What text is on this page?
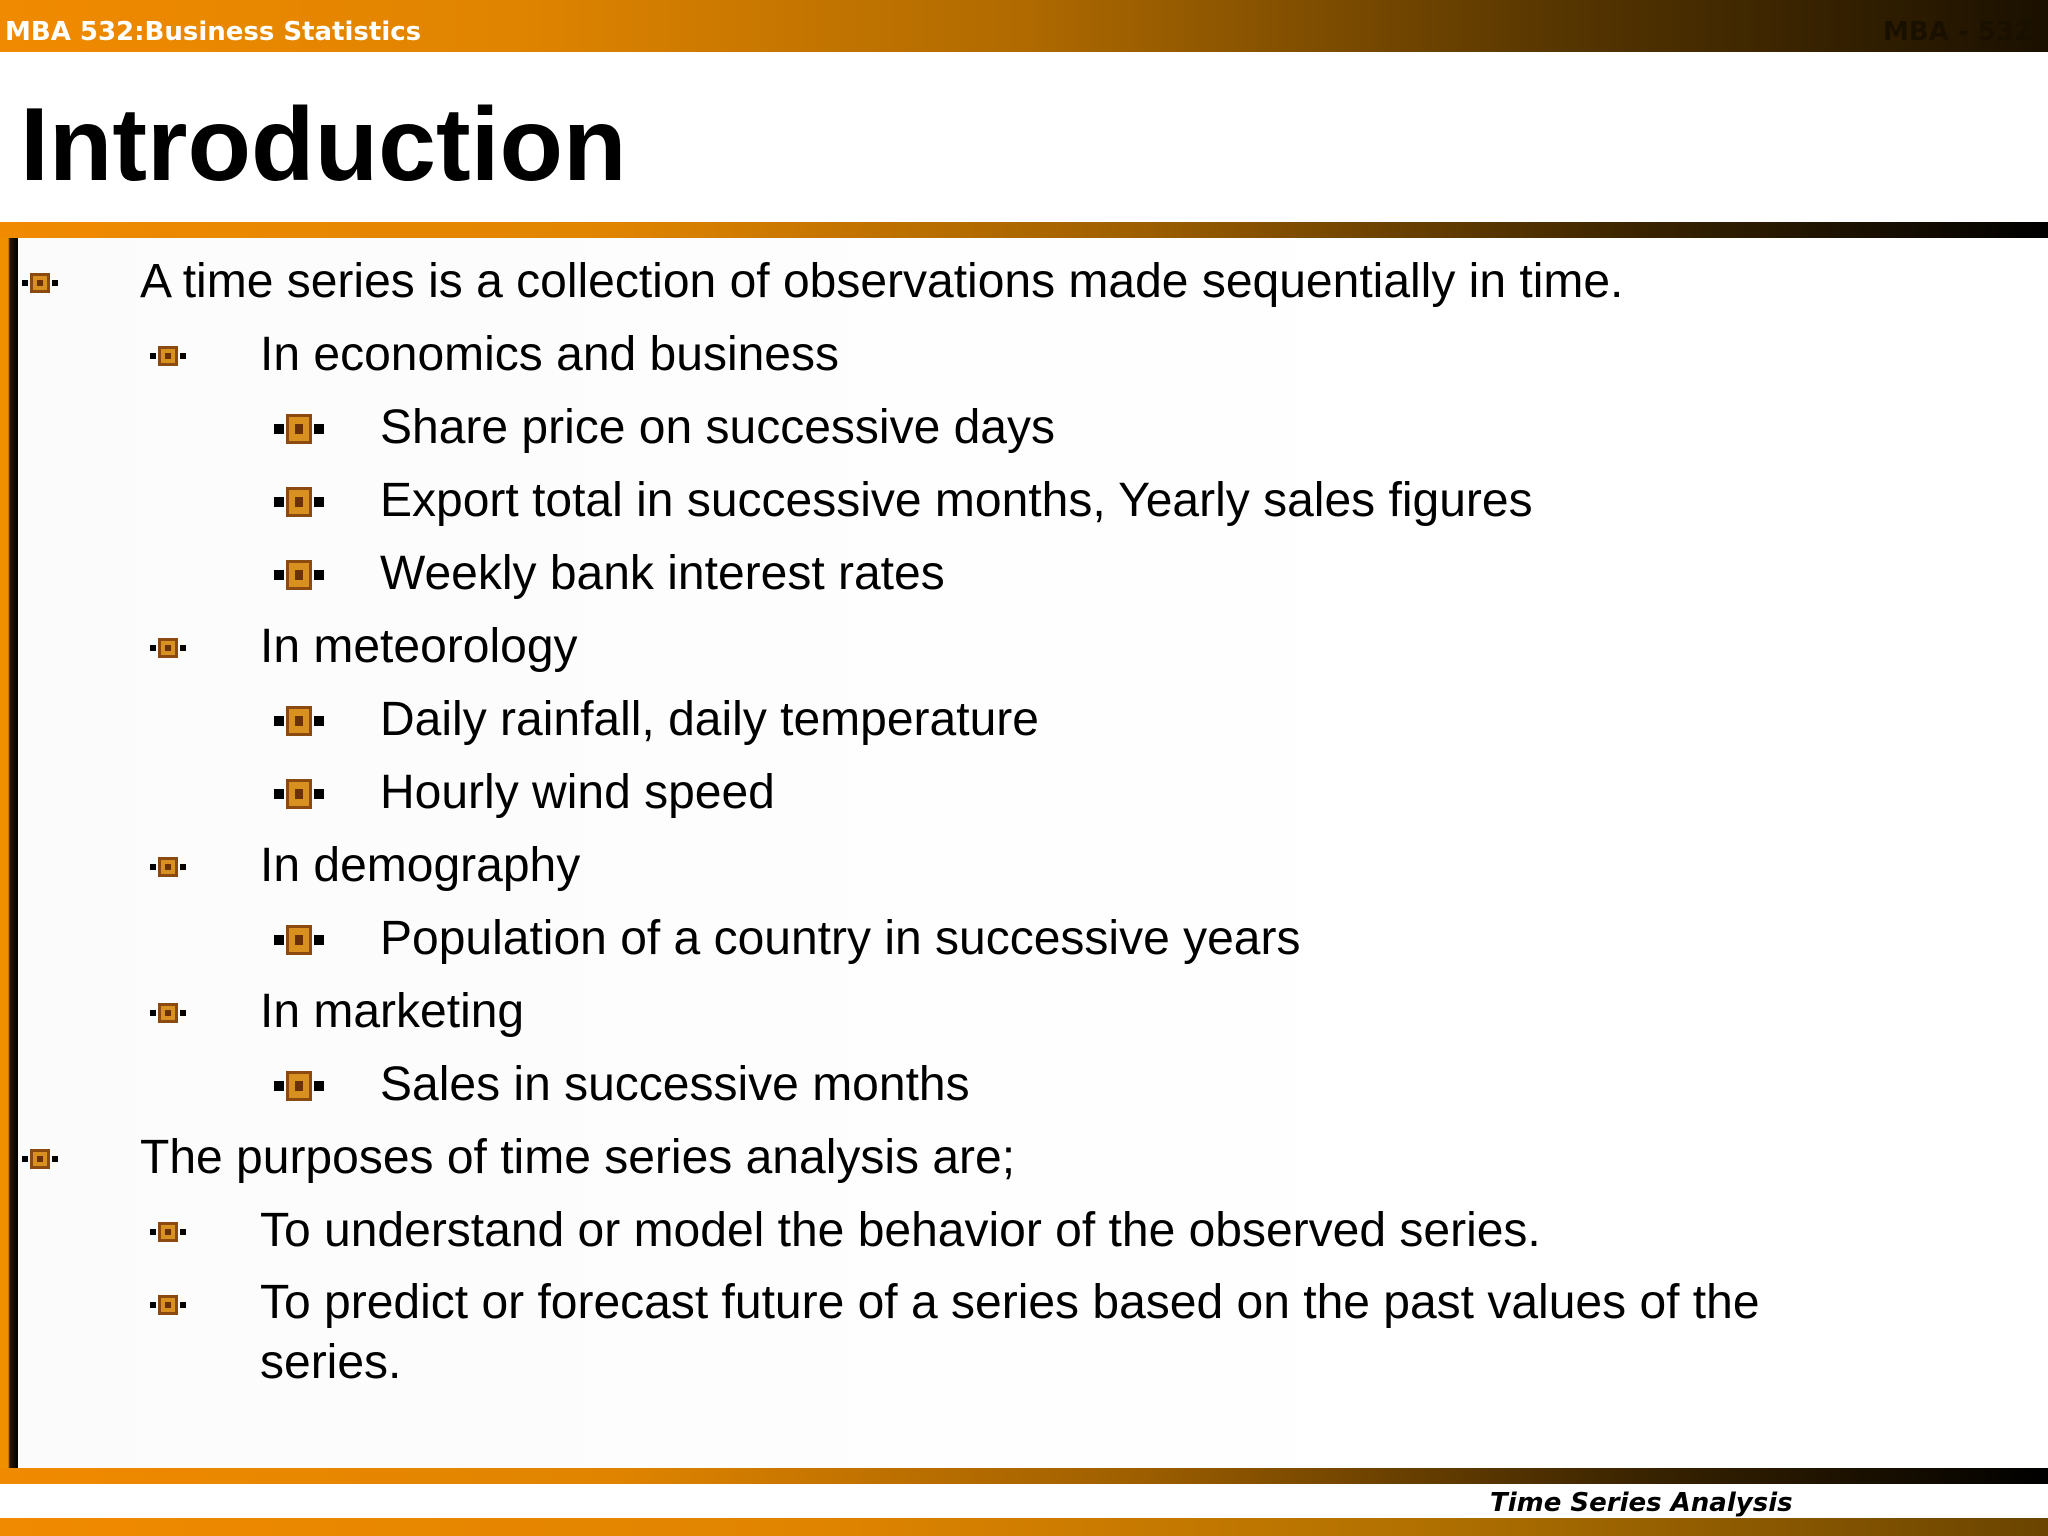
MBA 532:Business Statistics	MBA - 532
Introduction
A time series is a collection of observations made sequentially in time.
In economics and business
Share price on successive days
Export total in successive months, Yearly sales figures
Weekly bank interest rates
In meteorology
Daily rainfall, daily temperature
Hourly wind speed
In demography
Population of a country in successive years
In marketing
Sales in successive months
The purposes of time series analysis are;
To understand or model the behavior of the observed series.
To predict or forecast future of a series based on the past values of the series.
Time Series Analysis
